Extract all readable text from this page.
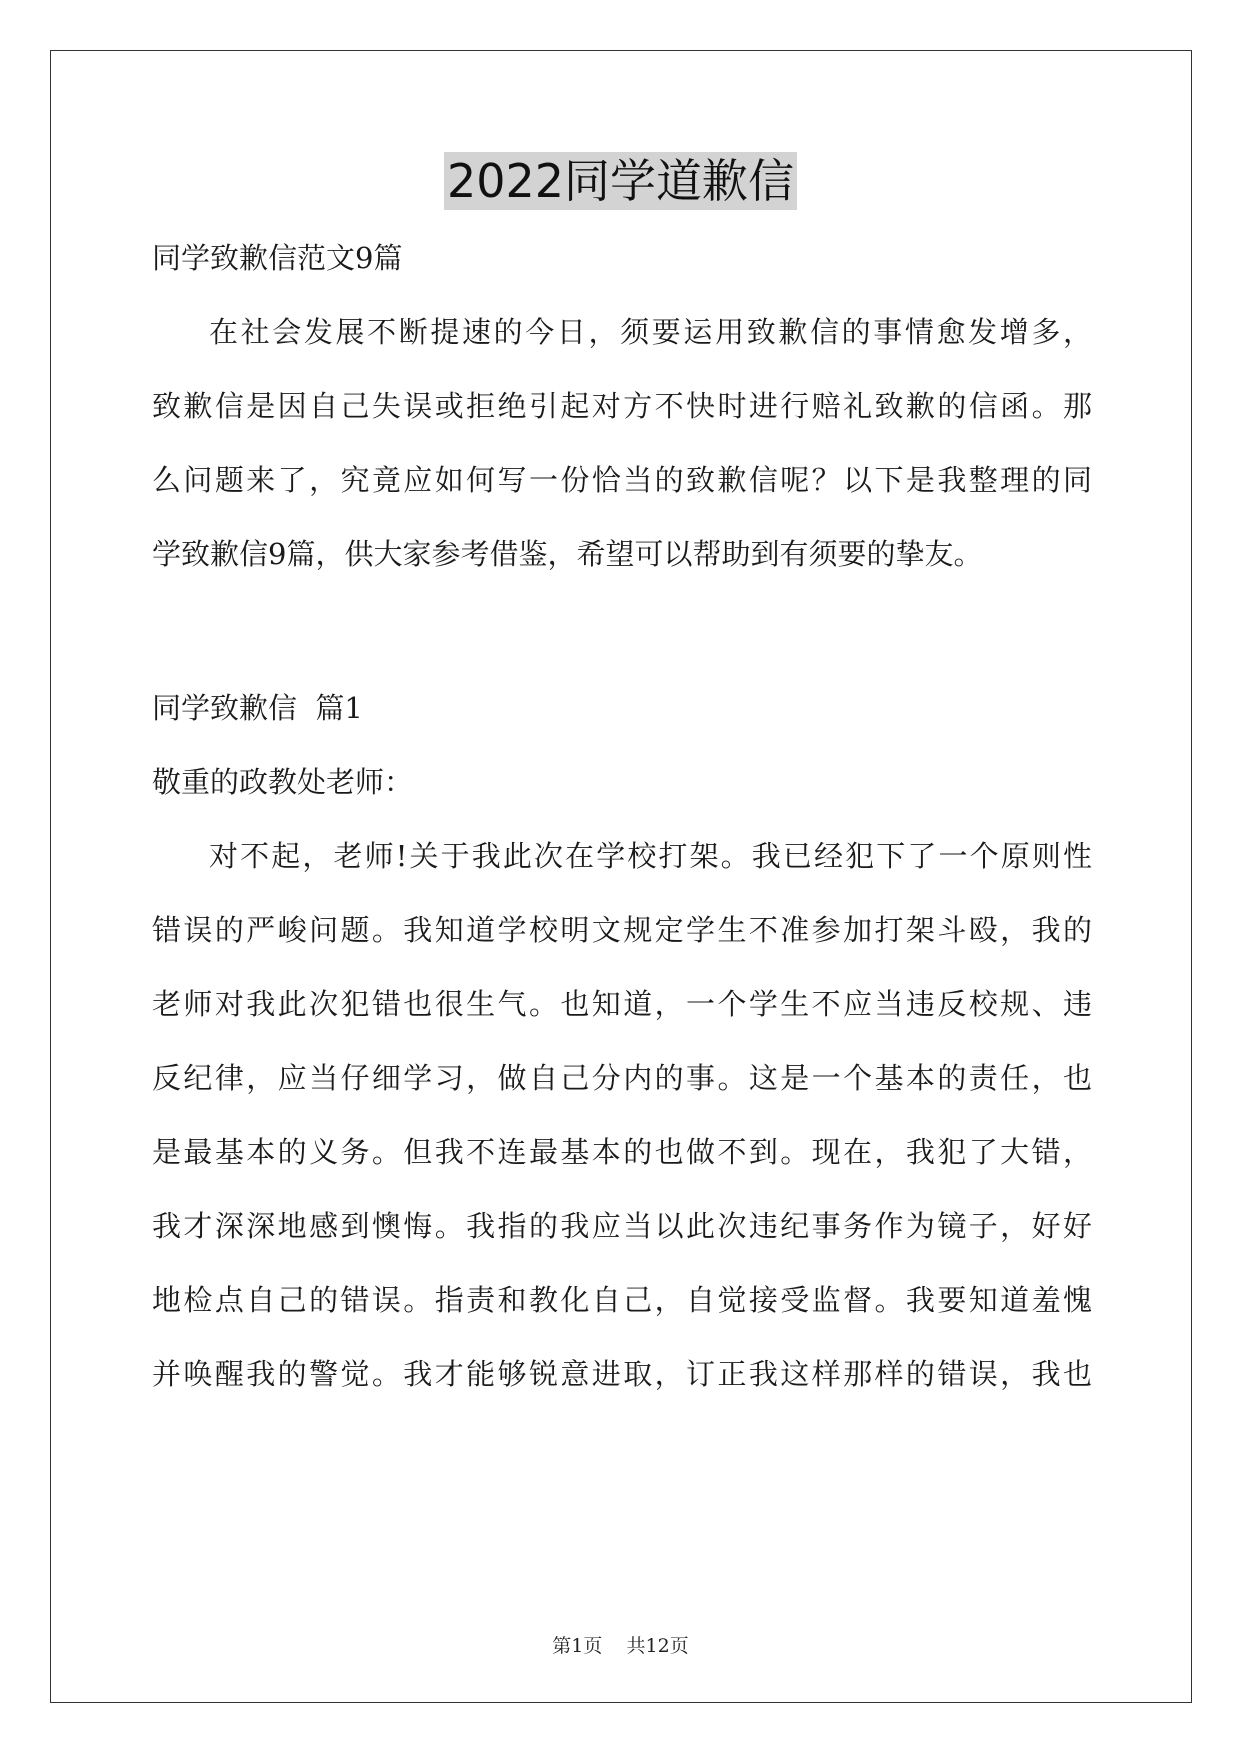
2022同学道歉信
同学致歉信范文9篇
在社会发展不断提速的今日，须要运用致歉信的事情愈发增多，
致歉信是因自己失误或拒绝引起对方不快时进行赔礼致歉的信函。那
么问题来了，究竟应如何写一份恰当的致歉信呢？以下是我整理的同
学致歉信9篇，供大家参考借鉴，希望可以帮助到有须要的挚友。
同学致歉信  篇1
敬重的政教处老师：
对不起，老师!关于我此次在学校打架。我已经犯下了一个原则性
错误的严峻问题。我知道学校明文规定学生不准参加打架斗殴，我的
老师对我此次犯错也很生气。也知道，一个学生不应当违反校规、违
反纪律，应当仔细学习，做自己分内的事。这是一个基本的责任，也
是最基本的义务。但我不连最基本的也做不到。现在，我犯了大错，
我才深深地感到懊悔。我指的我应当以此次违纪事务作为镜子，好好
地检点自己的错误。指责和教化自己，自觉接受监督。我要知道羞愧
并唤醒我的警觉。我才能够锐意进取，订正我这样那样的错误，我也
第1页 共12页
